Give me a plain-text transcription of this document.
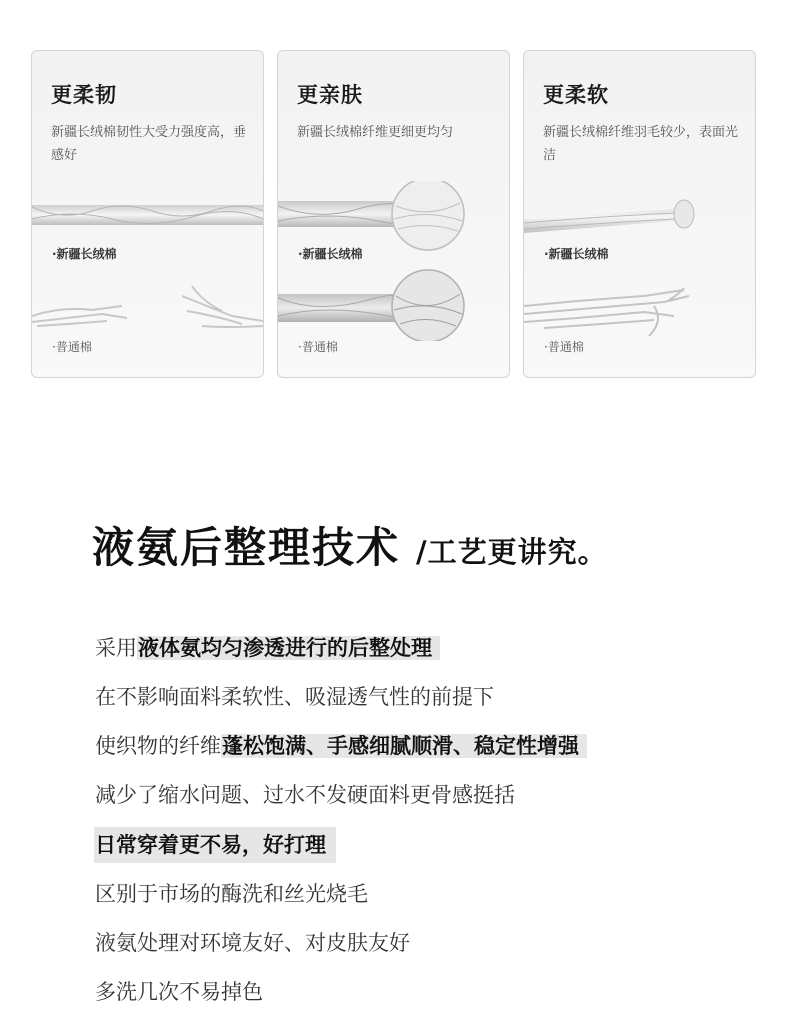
更柔韧
新疆长绒棉韧性大受力强度高，垂感好
·新疆长绒棉
·普通棉
更亲肤
新疆长绒棉纤维更细更均匀
·新疆长绒棉
·普通棉
更柔软
新疆长绒棉纤维羽毛较少，表面光洁
·新疆长绒棉
·普通棉
液氨后整理技术 /工艺更讲究。
采用液体氨均匀渗透进行的后整处理
在不影响面料柔软性、吸湿透气性的前提下
使织物的纤维蓬松饱满、手感细腻顺滑、稳定性增强
减少了缩水问题、过水不发硬面料更骨感挺括
日常穿着更不易，好打理
区别于市场的酶洗和丝光烧毛
液氨处理对环境友好、对皮肤友好
多洗几次不易掉色
